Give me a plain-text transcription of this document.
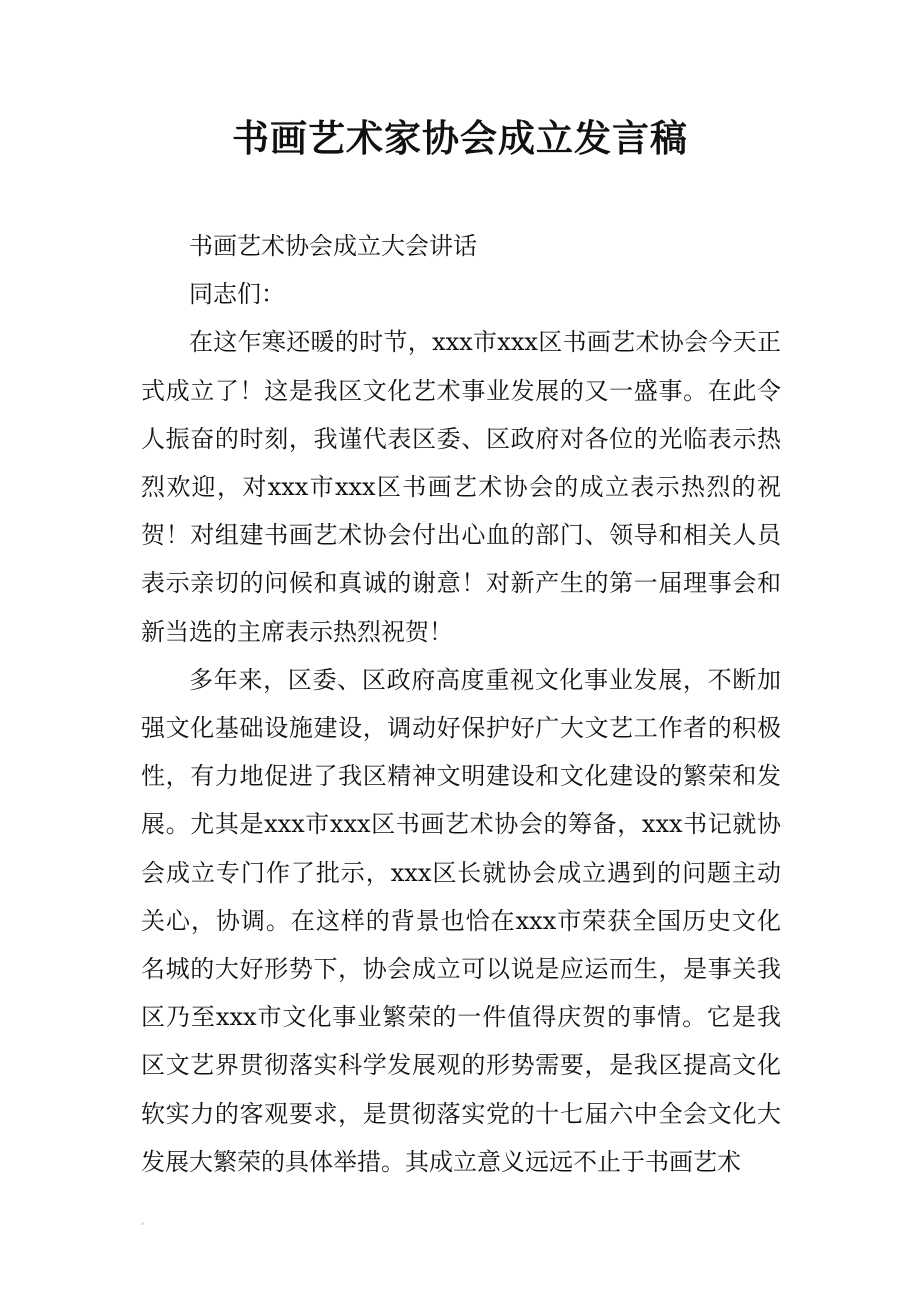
书画艺术家协会成立发言稿

书画艺术协会成立大会讲话

同志们：

在这乍寒还暖的时节，xxx市xxx区书画艺术协会今天正式成立了！这是我区文化艺术事业发展的又一盛事。在此令人振奋的时刻，我谨代表区委、区政府对各位的光临表示热烈欢迎，对xxx市xxx区书画艺术协会的成立表示热烈的祝贺！对组建书画艺术协会付出心血的部门、领导和相关人员表示亲切的问候和真诚的谢意！对新产生的第一届理事会和新当选的主席表示热烈祝贺！

多年来，区委、区政府高度重视文化事业发展，不断加强文化基础设施建设，调动好保护好广大文艺工作者的积极性，有力地促进了我区精神文明建设和文化建设的繁荣和发展。尤其是xxx市xxx区书画艺术协会的筹备，xxx书记就协会成立专门作了批示，xxx区长就协会成立遇到的问题主动关心，协调。在这样的背景也恰在xxx市荣获全国历史文化名城的大好形势下，协会成立可以说是应运而生，是事关我区乃至xxx市文化事业繁荣的一件值得庆贺的事情。它是我区文艺界贯彻落实科学发展观的形势需要，是我区提高文化软实力的客观要求，是贯彻落实党的十七届六中全会文化大发展大繁荣的具体举措。其成立意义远远不止于书画艺术
